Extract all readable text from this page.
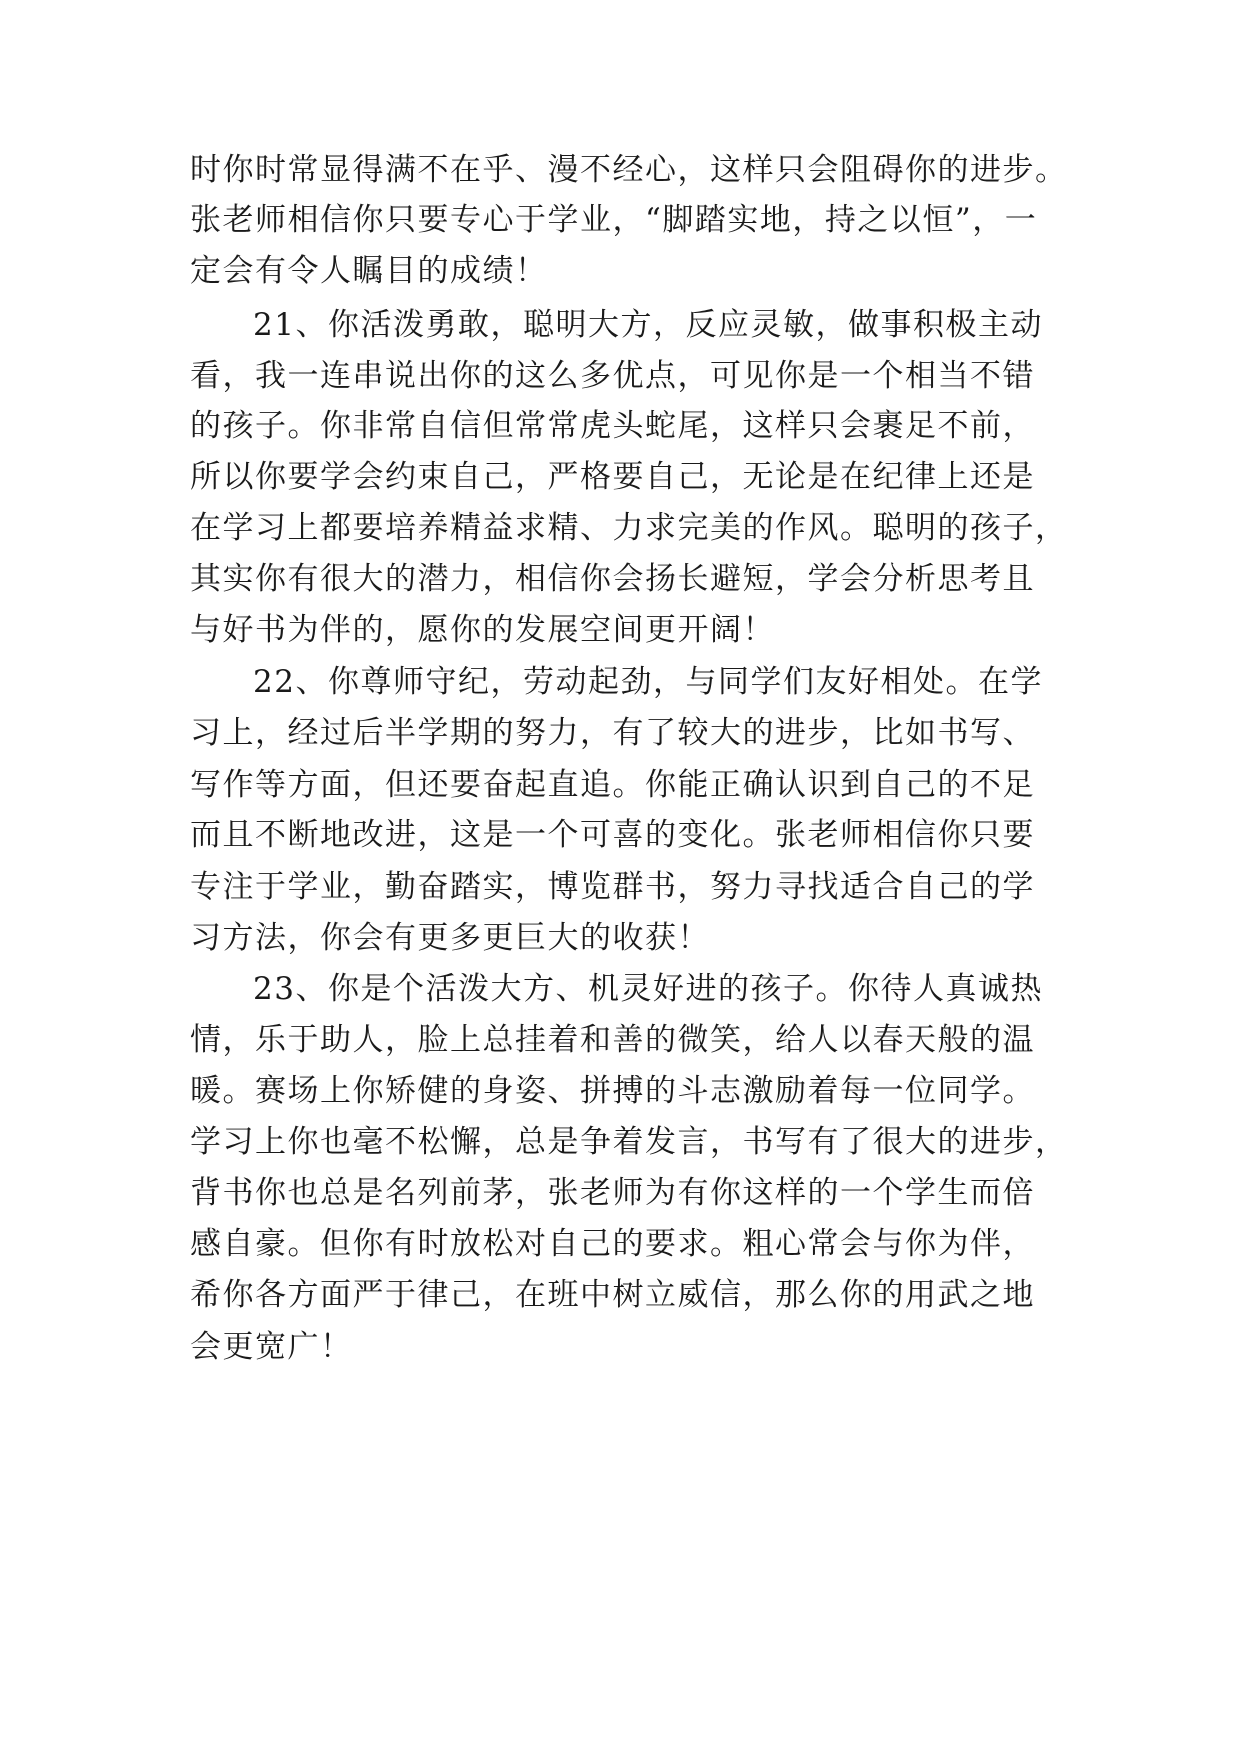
时你时常显得满不在乎、漫不经心，这样只会阻碍你的进步。
张老师相信你只要专心于学业，“脚踏实地，持之以恒”，一
定会有令人瞩目的成绩！
21、你活泼勇敢，聪明大方，反应灵敏，做事积极主动
看，我一连串说出你的这么多优点，可见你是一个相当不错
的孩子。你非常自信但常常虎头蛇尾，这样只会裹足不前，
所以你要学会约束自己，严格要自己，无论是在纪律上还是
在学习上都要培养精益求精、力求完美的作风。聪明的孩子，
其实你有很大的潜力，相信你会扬长避短，学会分析思考且
与好书为伴的，愿你的发展空间更开阔！
22、你尊师守纪，劳动起劲，与同学们友好相处。在学
习上，经过后半学期的努力，有了较大的进步，比如书写、
写作等方面，但还要奋起直追。你能正确认识到自己的不足
而且不断地改进，这是一个可喜的变化。张老师相信你只要
专注于学业，勤奋踏实，博览群书，努力寻找适合自己的学
习方法，你会有更多更巨大的收获！
23、你是个活泼大方、机灵好进的孩子。你待人真诚热
情，乐于助人，脸上总挂着和善的微笑，给人以春天般的温
暖。赛场上你矫健的身姿、拼搏的斗志激励着每一位同学。
学习上你也毫不松懈，总是争着发言，书写有了很大的进步，
背书你也总是名列前茅，张老师为有你这样的一个学生而倍
感自豪。但你有时放松对自己的要求。粗心常会与你为伴，
希你各方面严于律己，在班中树立威信，那么你的用武之地
会更宽广！
